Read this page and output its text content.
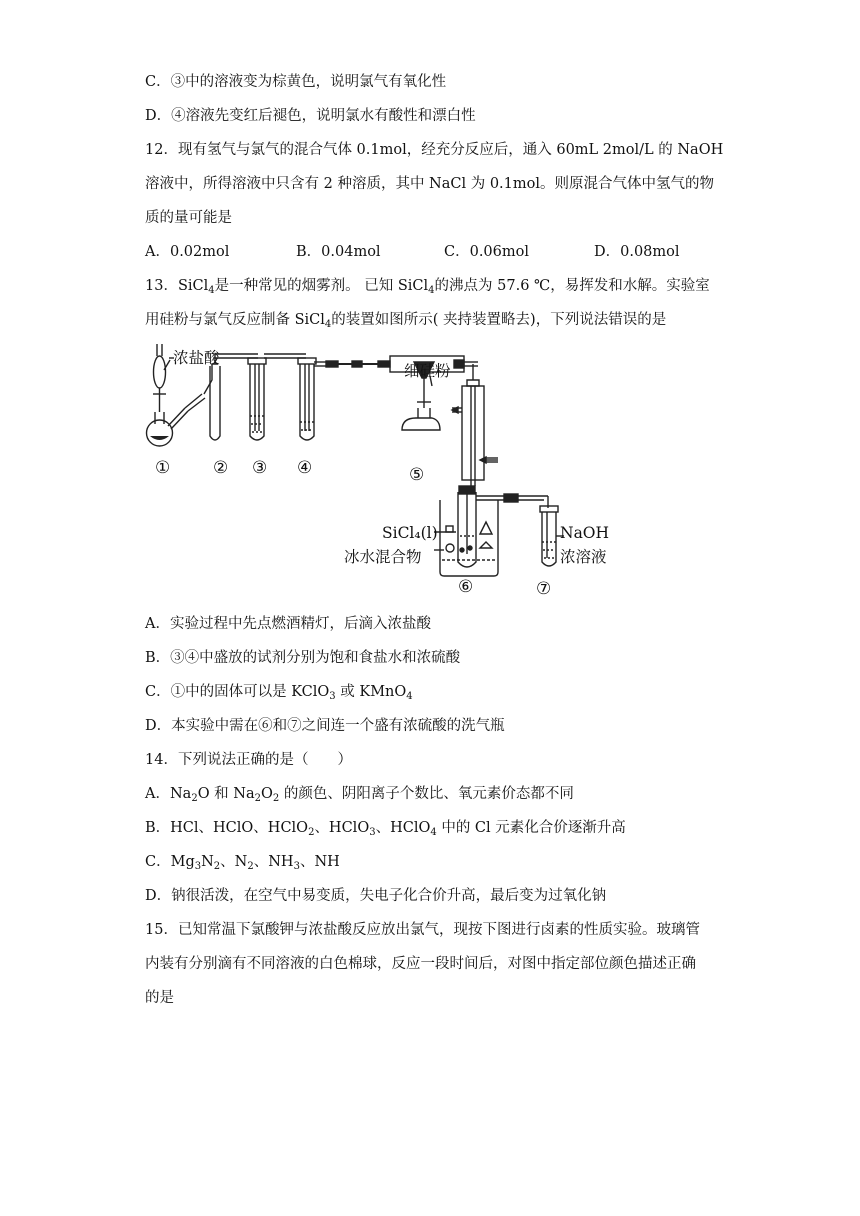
C．③中的溶液变为棕黄色，说明氯气有氧化性
D．④溶液先变红后褪色，说明氯水有酸性和漂白性
12．现有氢气与氯气的混合气体 0.1mol，经充分反应后，通入 60mL 2mol/L 的 NaOH
溶液中，所得溶液中只含有 2 种溶质，其中 NaCl 为 0.1mol。则原混合气体中氢气的物
质的量可能是
A．0.02mol	B．0.04mol	C．0.06mol	D．0.08mol
13．SiCl$_4$是一种常见的烟雾剂。 已知 SiCl$_4$的沸点为 57.6 ℃，易挥发和水解。实验室
用硅粉与氯气反应制备 SiCl$_4$的装置如图所示( 夹持装置略去)，下列说法错误的是
浓盐酸
细硅粉
SiCl₄(l)
冰水混合物
NaOH
浓溶液
①	② ③ ④	⑤
⑥	⑦
A．实验过程中先点燃酒精灯，后滴入浓盐酸
B．③④中盛放的试剂分别为饱和食盐水和浓硫酸
C．①中的固体可以是 KClO$_3$ 或 KMnO$_4$
D．本实验中需在⑥和⑦之间连一个盛有浓硫酸的洗气瓶
14．下列说法正确的是（　　）
A．$Na_2O$ 和 $Na_2O_2$ 的颜色、阴阳离子个数比、氧元素价态都不同
B．HCl、HClO、HClO$_2$、HClO$_3$、HClO$_4$ 中的 Cl 元素化合价逐渐升高
C．$Mg_3N_2$、$N_2$、$NH_3$、NH
D．钠很活泼，在空气中易变质，失电子化合价升高，最后变为过氧化钠
15．已知常温下氯酸钾与浓盐酸反应放出氯气，现按下图进行卤素的性质实验。玻璃管
内装有分别滴有不同溶液的白色棉球，反应一段时间后，对图中指定部位颜色描述正确
的是
